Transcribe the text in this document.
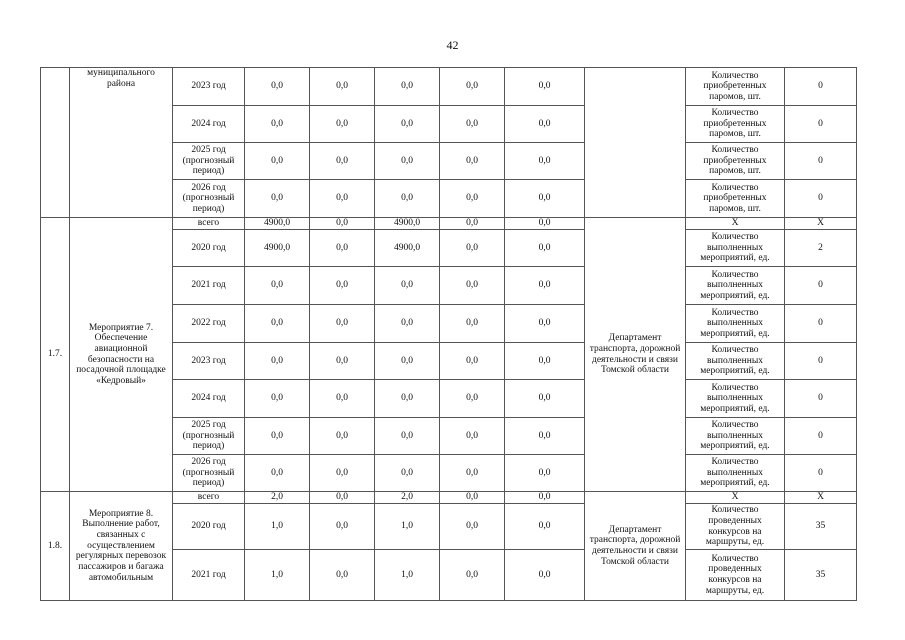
42
	муниципального района	2023 год	0,0	0,0	0,0	0,0	0,0		Количество приобретенных паромов, шт.	0
		2024 год	0,0	0,0	0,0	0,0	0,0		Количество приобретенных паромов, шт.	0
		2025 год (прогнозный период)	0,0	0,0	0,0	0,0	0,0		Количество приобретенных паромов, шт.	0
		2026 год (прогнозный период)	0,0	0,0	0,0	0,0	0,0		Количество приобретенных паромов, шт.	0
1.7.	Мероприятие 7. Обеспечение авиационной безопасности на посадочной площадке «Кедровый»	всего	4900,0	0,0	4900,0	0,0	0,0	Департамент транспорта, дорожной деятельности и связи Томской области	Х	Х
		2020 год	4900,0	0,0	4900,0	0,0	0,0		Количество выполненных мероприятий, ед.	2
		2021 год	0,0	0,0	0,0	0,0	0,0		Количество выполненных мероприятий, ед.	0
		2022 год	0,0	0,0	0,0	0,0	0,0		Количество выполненных мероприятий, ед.	0
		2023 год	0,0	0,0	0,0	0,0	0,0		Количество выполненных мероприятий, ед.	0
		2024 год	0,0	0,0	0,0	0,0	0,0		Количество выполненных мероприятий, ед.	0
		2025 год (прогнозный период)	0,0	0,0	0,0	0,0	0,0		Количество выполненных мероприятий, ед.	0
		2026 год (прогнозный период)	0,0	0,0	0,0	0,0	0,0		Количество выполненных мероприятий, ед.	0
1.8.	Мероприятие 8. Выполнение работ, связанных с осуществлением регулярных перевозок пассажиров и багажа автомобильным	всего	2,0	0,0	2,0	0,0	0,0	Департамент транспорта, дорожной деятельности и связи Томской области	Х	Х
		2020 год	1,0	0,0	1,0	0,0	0,0		Количество проведенных конкурсов на маршруты, ед.	35
		2021 год	1,0	0,0	1,0	0,0	0,0		Количество проведенных конкурсов на маршруты, ед.	35
